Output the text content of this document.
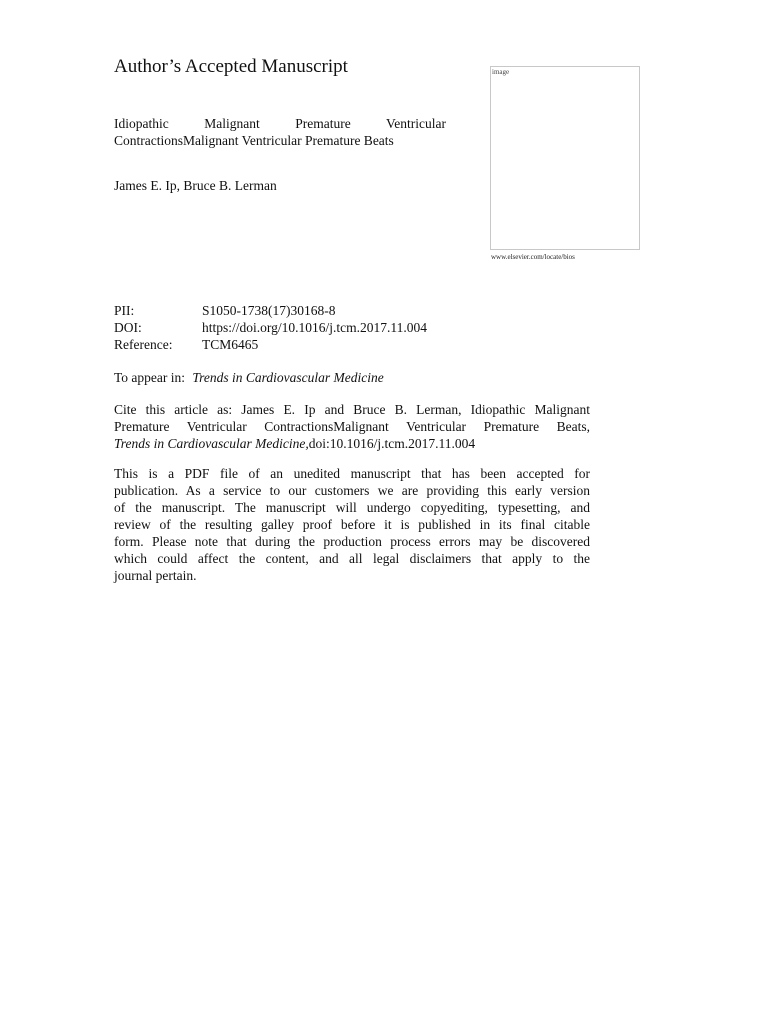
Author’s Accepted Manuscript
Idiopathic Malignant Premature Ventricular
ContractionsMalignant Ventricular Premature Beats
James E. Ip, Bruce B. Lerman
image
www.elsevier.com/locate/bios
PII:	S1050-1738(17)30168-8
DOI:	https://doi.org/10.1016/j.tcm.2017.11.004
Reference:	TCM6465
To appear in: Trends in Cardiovascular Medicine

Cite this article as: James E. Ip and Bruce B. Lerman, Idiopathic Malignant
Premature Ventricular ContractionsMalignant Ventricular Premature Beats,
Trends in Cardiovascular Medicine,doi:10.1016/j.tcm.2017.11.004

This is a PDF file of an unedited manuscript that has been accepted for
publication. As a service to our customers we are providing this early version
of the manuscript. The manuscript will undergo copyediting, typesetting, and
review of the resulting galley proof before it is published in its final citable
form. Please note that during the production process errors may be discovered
which could affect the content, and all legal disclaimers that apply to the
journal pertain.
